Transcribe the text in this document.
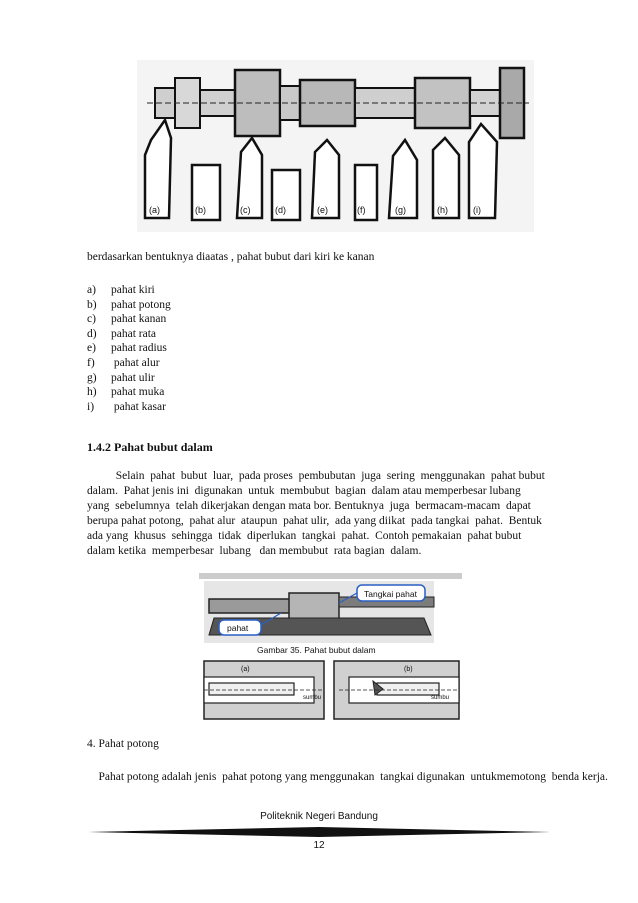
(a)	(b)	(c)	(d)	(e)	(f)	(g)	(h)	(i)
berdasarkan bentuknya diaatas , pahat bubut dari kiri ke kanan
a)	pahat kiri
b)	pahat potong
c)	pahat kanan
d)	pahat rata
e)	pahat radius
f)	pahat alur
g)	pahat ulir
h)	pahat muka
i)	pahat kasar
1.4.2 Pahat bubut dalam
Selain  pahat  bubut  luar,  pada proses  pembubutan  juga  sering  menggunakan  pahat bubut
dalam.  Pahat jenis ini  digunakan  untuk  membubut  bagian  dalam atau memperbesar lubang
yang  sebelumnya  telah dikerjakan dengan mata bor. Bentuknya  juga  bermacam-macam  dapat
berupa pahat potong,  pahat alur  ataupun  pahat ulir,  ada yang diikat  pada tangkai  pahat.  Bentuk
ada yang  khusus  sehingga  tidak  diperlukan  tangkai  pahat.  Contoh pemakaian  pahat bubut
dalam ketika  memperbesar  lubang   dan membubut  rata bagian  dalam.
Tangkai pahat
pahat
Gambar 35. Pahat bubut dalam
(a)
sumbu
(b)
sumbu
4. Pahat potong
Pahat potong adalah jenis  pahat potong yang menggunakan  tangkai digunakan  untukmemotong  benda kerja.
Politeknik Negeri Bandung
12
